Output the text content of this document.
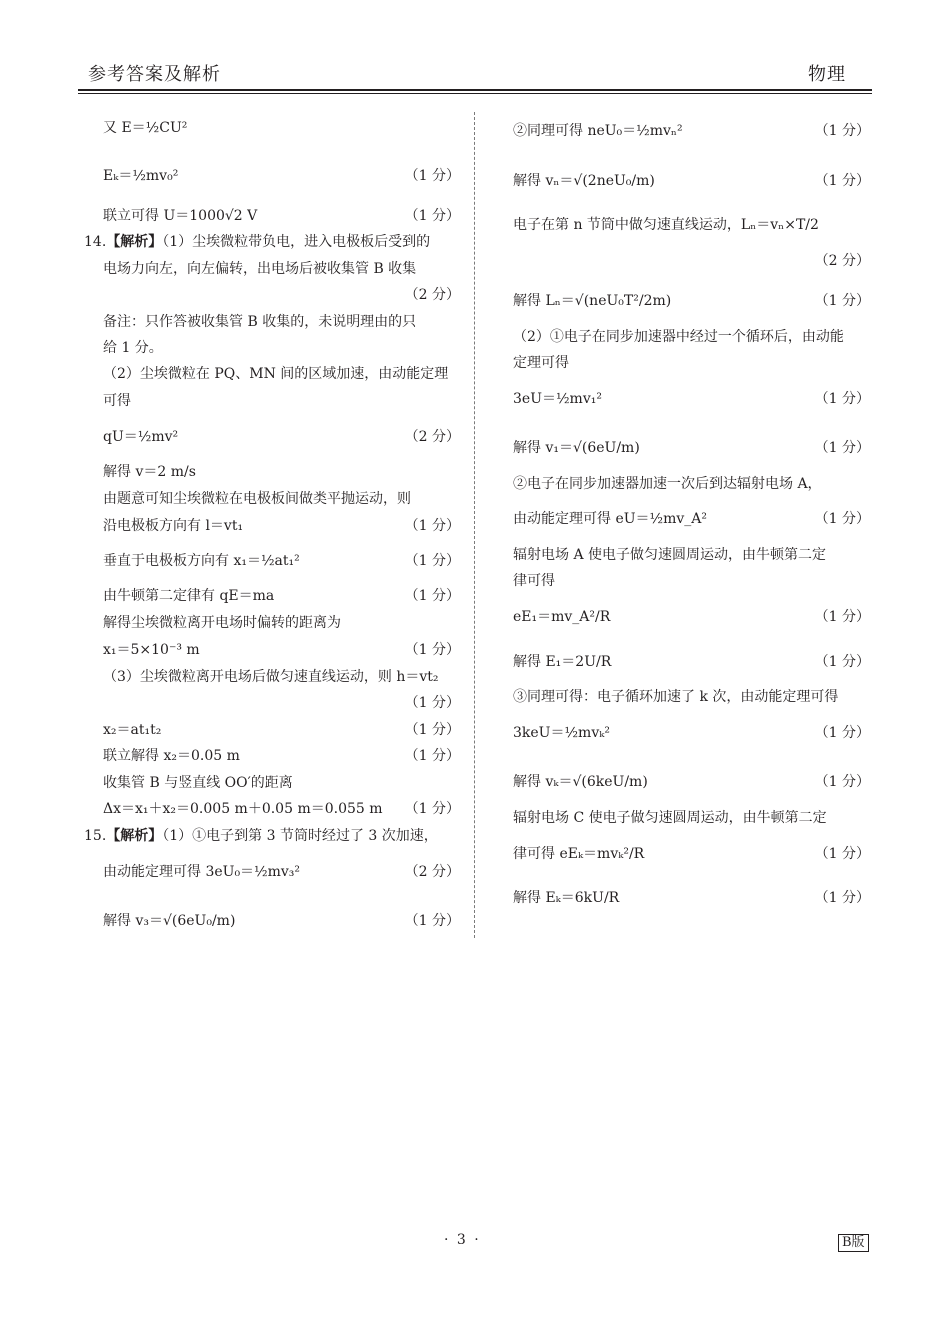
参考答案及解析	物理
又 E＝½CU²
Eₖ＝½mv₀²	（1 分）
联立可得 U＝1000√2 V	（1 分）
14.【解析】（1）尘埃微粒带负电，进入电极板后受到的
电场力向左，向左偏转，出电场后被收集管 B 收集
（2 分）
备注：只作答被收集管 B 收集的，未说明理由的只
给 1 分。
（2）尘埃微粒在 PQ、MN 间的区域加速，由动能定理
可得
qU＝½mv²	（2 分）
解得 v＝2 m/s
由题意可知尘埃微粒在电极板间做类平抛运动，则
沿电极板方向有 l＝vt₁	（1 分）
垂直于电极板方向有 x₁＝½at₁²	（1 分）
由牛顿第二定律有 qE＝ma	（1 分）
解得尘埃微粒离开电场时偏转的距离为
x₁＝5×10⁻³ m	（1 分）
（3）尘埃微粒离开电场后做匀速直线运动，则 h＝vt₂
（1 分）
x₂＝at₁t₂	（1 分）
联立解得 x₂＝0.05 m	（1 分）
收集管 B 与竖直线 OO′的距离
Δx＝x₁＋x₂＝0.005 m＋0.05 m＝0.055 m （1 分）
15.【解析】（1）①电子到第 3 节筒时经过了 3 次加速，
由动能定理可得 3eU₀＝½mv₃²	（2 分）
解得 v₃＝√(6eU₀/m)	（1 分）
②同理可得 neU₀＝½mvₙ²	（1 分）
解得 vₙ＝√(2neU₀/m)	（1 分）
电子在第 n 节筒中做匀速直线运动，Lₙ＝vₙ×T/2
（2 分）
解得 Lₙ＝√(neU₀T²/2m)	（1 分）
（2）①电子在同步加速器中经过一个循环后，由动能
定理可得
3eU＝½mv₁²	（1 分）
解得 v₁＝√(6eU/m)	（1 分）
②电子在同步加速器加速一次后到达辐射电场 A，
由动能定理可得 eU＝½mv_A²	（1 分）
辐射电场 A 使电子做匀速圆周运动，由牛顿第二定
律可得
eE₁＝mv_A²/R	（1 分）
解得 E₁＝2U/R	（1 分）
③同理可得：电子循环加速了 k 次，由动能定理可得
3keU＝½mvₖ²	（1 分）
解得 vₖ＝√(6keU/m)	（1 分）
辐射电场 C 使电子做匀速圆周运动，由牛顿第二定
律可得 eEₖ＝mvₖ²/R	（1 分）
解得 Eₖ＝6kU/R	（1 分）
· 3 ·	B版
